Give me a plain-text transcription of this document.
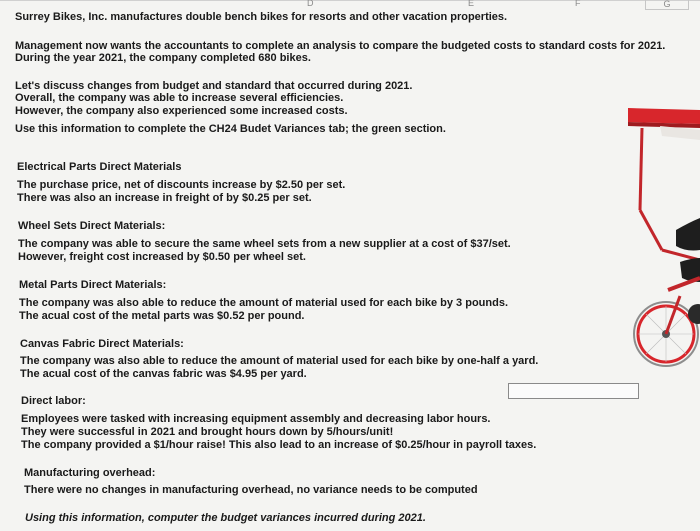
D	E	F	G
Surrey Bikes, Inc. manufactures double bench bikes for resorts and other vacation properties.
Management now wants the accountants to complete an analysis to compare the budgeted costs to standard costs for 2021.
During the year 2021, the company completed 680 bikes.
Let's discuss changes from budget and standard that occurred during 2021.
Overall, the company was able to increase several efficiencies.
However, the company also experienced some increased costs.
Use this information to complete the CH24 Budet Variances tab; the green section.
Electrical Parts Direct Materials
The purchase price, net of discounts increase by $2.50 per set.
There was also an increase in freight of by $0.25 per set.
Wheel Sets Direct Materials:
The company was able to secure the same wheel sets from a new supplier at a cost of $37/set.
However, freight cost increased by $0.50 per wheel set.
Metal Parts Direct Materials:
The company was also able to reduce the amount of material used for each bike by 3 pounds.
The acual cost of the metal parts was $0.52 per pound.
Canvas Fabric Direct Materials:
The company was also able to reduce the amount of material used for each bike by one-half a yard.
The acual cost of the canvas fabric was $4.95 per yard.
Direct labor:
Employees were tasked with increasing equipment assembly and decreasing labor hours.
They were successful in 2021 and brought hours down by 5/hours/unit!
The company provided a $1/hour raise! This also lead to an increase of $0.25/hour in payroll taxes.
Manufacturing overhead:
There were no changes in manufacturing overhead, no variance needs to be computed
Using this information, computer the budget variances incurred during 2021.
